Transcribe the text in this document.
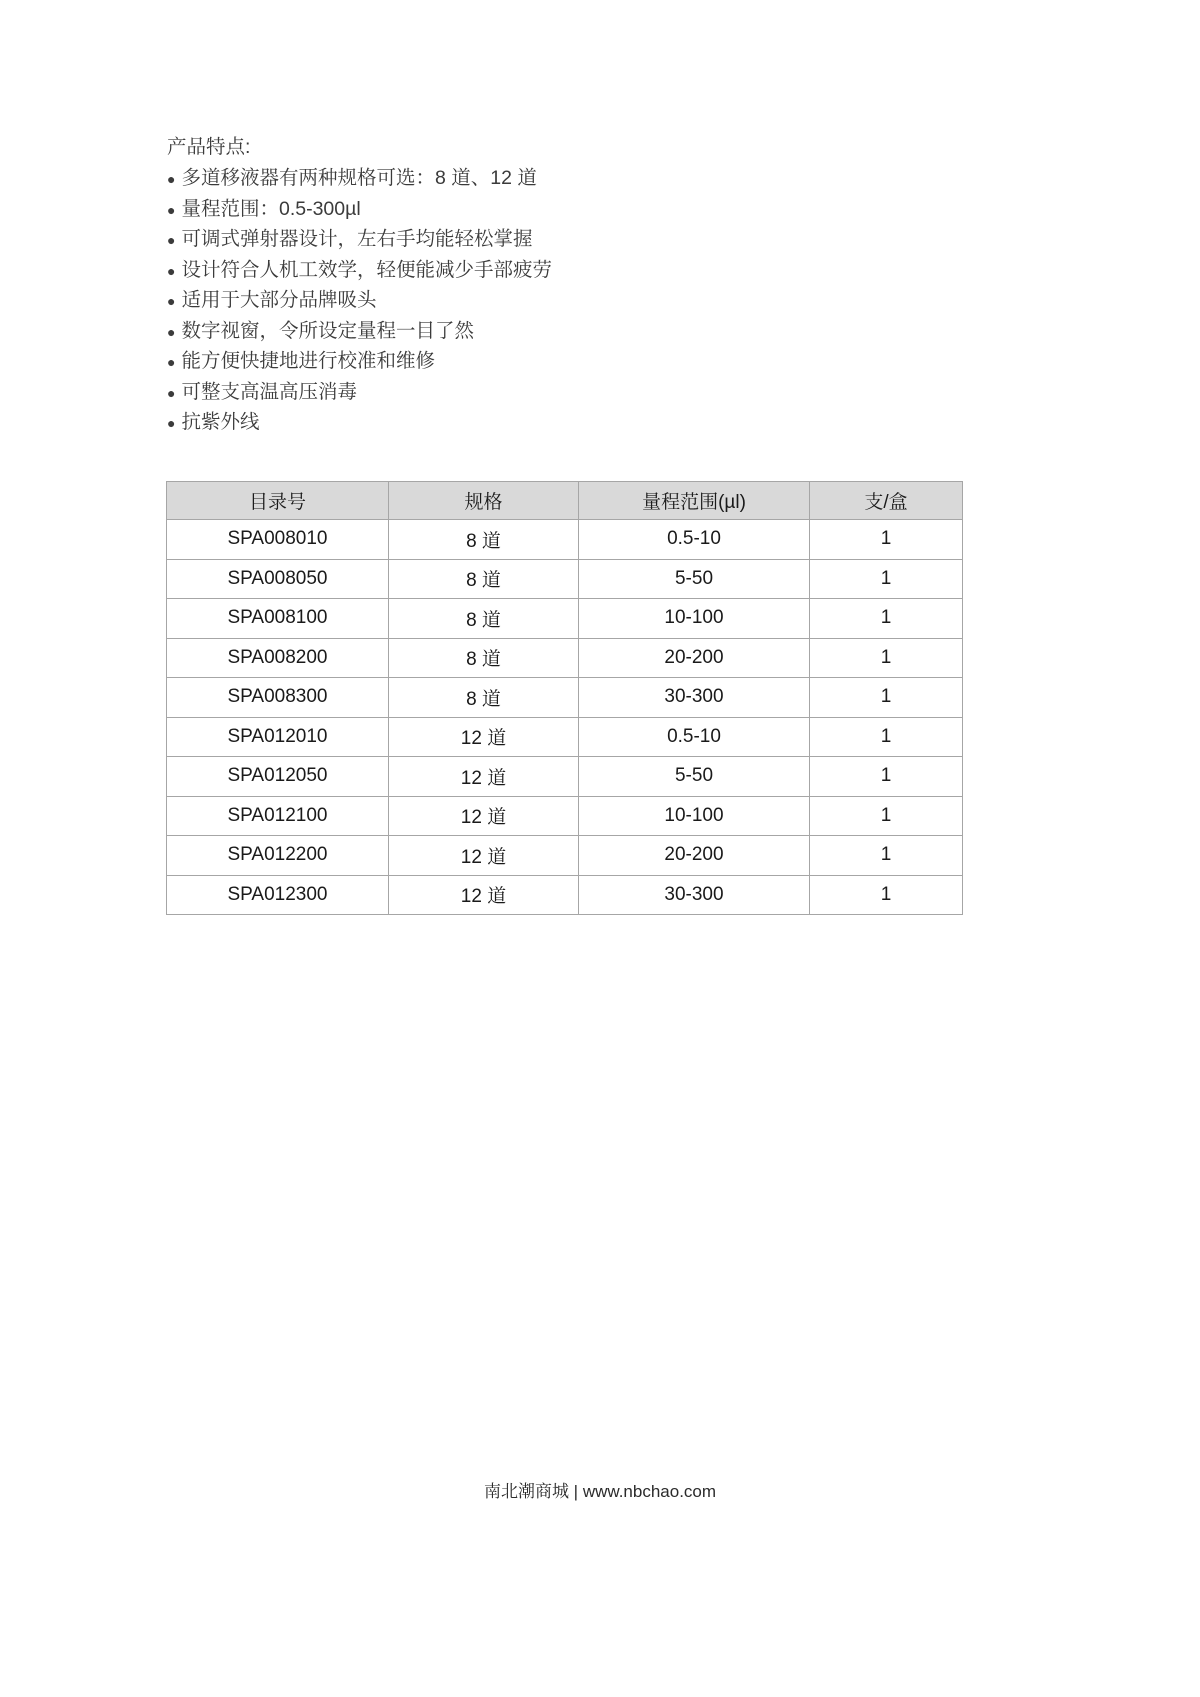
产品特点:
● 多道移液器有两种规格可选：8 道、12 道
● 量程范围：0.5-300µl
● 可调式弹射器设计，左右手均能轻松掌握
● 设计符合人机工效学，轻便能减少手部疲劳
● 适用于大部分品牌吸头
● 数字视窗，令所设定量程一目了然
● 能方便快捷地进行校准和维修
● 可整支高温高压消毒
● 抗紫外线
目录号	规格	量程范围(µl)	支/盒
SPA008010	8 道	0.5-10	1
SPA008050	8 道	5-50	1
SPA008100	8 道	10-100	1
SPA008200	8 道	20-200	1
SPA008300	8 道	30-300	1
SPA012010	12 道	0.5-10	1
SPA012050	12 道	5-50	1
SPA012100	12 道	10-100	1
SPA012200	12 道	20-200	1
SPA012300	12 道	30-300	1
南北潮商城 | www.nbchao.com
